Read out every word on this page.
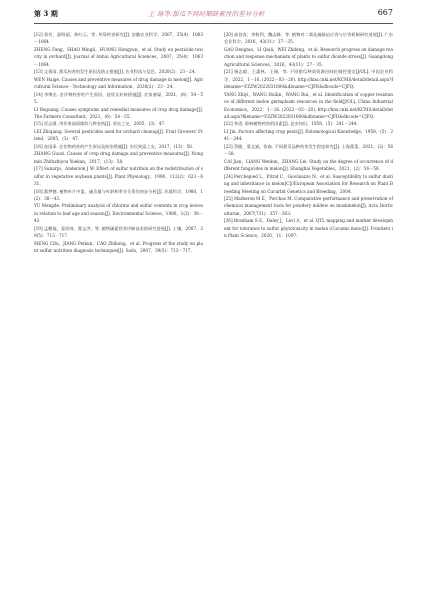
第 3 期	王 琦等:甜瓜不同时期缺素性的差异分析	667

[12] 郑芳，邵明丽，黄红云，等. 草莓药害研究[J]. 安徽农业科学，2007，35(4)：1063－1064.

ZHENG Fang，SHAO Mingli，HUANG Hongyun，et al. Study on pesticide toxicity in orchard[J]. Journal of Anhui Agricultural Sciences，2007，35(4)：1063－1064.

[13] 文嘉雨. 甜瓜药害的发生原因及防止措施[J]. 农业科技与信息，2020(2)：23－24.

WEN Haige. Causes and preventive measures of drug damage in melon[J]. Agricultural Science－Technology and Information，2020(2)：23－24.

[14] 李博光. 农作物药害的产生原因，症状及补救措施[J]. 农家参谋，2021，(6)：54－55.

LI Boguang. Causes symptoms and remedial measures of crop drug damage[J]. The Farmers Consultant，2021，(6)：54－55.

[15] 雷志强. 用作果园清除的几种农药[J]. 果农之友，2005，(3)：47.

LEI Zhiqiang. Several pesticides used for orchard cleanup[J]. Fruit Growers' Friend，2005，(3)：47.

[16] 张国章. 农作物药害的产生原因及防治措施[J]. 农民致富之友，2017，(13)：58.

ZHANG Guozi. Causes of crop drug damage and preventive measures[J]. Nongmin Zhifuzhiyou Yuekan，2017，(13)：58.

[17] Sunarpi，Anderson J W. Effect of sulfur nutrition on the redistribution of sulfur in vegetative soybean plants[J]. Plant Physiology，1996，112(2)：623－631.

[18] 都梦德. 植物叶片中氯、硫含量与叶龄和季节关系的初步分析[J]. 环境科学，1980，1(2)：38－43.

YU Mengde. Preliminary analysis of chlorine and sulfur contents in crop leaves in relation to leaf age and season[J]. Environmental Science，1980，1(2)：38－43.

[19] 孟鹏福，姜培坤，曹志洪，等. 植物硫素营养诊断技术的研究进展[J]. 土壤，2007，39(5)：713－717.

MENG Cifu，JIANG Peikun，CAO Zhihong，et al. Progress of the study on plant sulfur nutrition diagnosis techniques[J]. Soils，2007，39(5)：713－717.

[20] 高登涛，李秋利，魏志峰，等. 植物对二氧化硫胁迫应答与应答机制研究进展[J]. 广东农业科学，2016，43(11)：27－35.

GAO Dengtao，LI Qiuli，WEI Zhifeng，et al. Research progress on damage reaction and response mechanism of plants to sulfur dioxide stress[J]. Guangdong Agricultural Sciences，2016，43(11)：27－35.

[21] 杨志毅，王惠林，王瑞，等. 不同甜瓜种质资源田间抗铜性鉴定[J/OL]. 中国农业科学，2022，1－16. (2022－03－20). http://kns.cnki.net/KCMS/detail/detail.aspx?filename=FZZW2022031600&dbname=CJFD&dbcode=CJFQ.

YANG Zhiyi，WANG Huilin，WANG Rui，et al. Identification of copper resistance of different melon germplasm resources in the field[J/OL]. China Industrial Economics，2022：1－16. (2022－03－20). http://kns.cnki.net/KCMS/detail/detail.aspx?filename=FZZW2022031600&dbname=CJFD&dbcode=CJFQ.

[22] 李进. 影响植物药害的因素[J]. 昆虫知识，1958，(5)：241－244.

LI Jin. Factors affecting crop pests[J]. Entomological Knowledge，1958，(5)：241－244.

[23] 蔡健，梁文斌，张森. 不同甜瓜品种药害发生程度研究[J]. 上海蔬菜，2021，(2)：56－58.

CAI Jian，LIANG Wenbin，ZHANG Lei. Study on the degree of occurrence of different fungicides in melon[J]. Shanghai Vegetables，2021，(2)：56－58.

[24] Perchepied L，Pitrat C，Giovinazzo N，et al. Susceptibility to sulfur dusting and inheritance in melon[C]//European Association for Research on Plant Breeding Meeting on Cucurbit Genetics and Breeding，2004.

[25] Matheron M E，Porchas M. Comparative performance and preservation of chemical management tools for powdery mildew on muskmelon[J]. Acta Horticulturae，2007(731)：357－363.

[26] Branham S E，Daley J，Levi A，et al. QTL mapping and marker development for tolerance to sulfur phytotoxicity in melon (Cucumis melo)[J]. Frontiers in Plant Science，2020，11：1097.
